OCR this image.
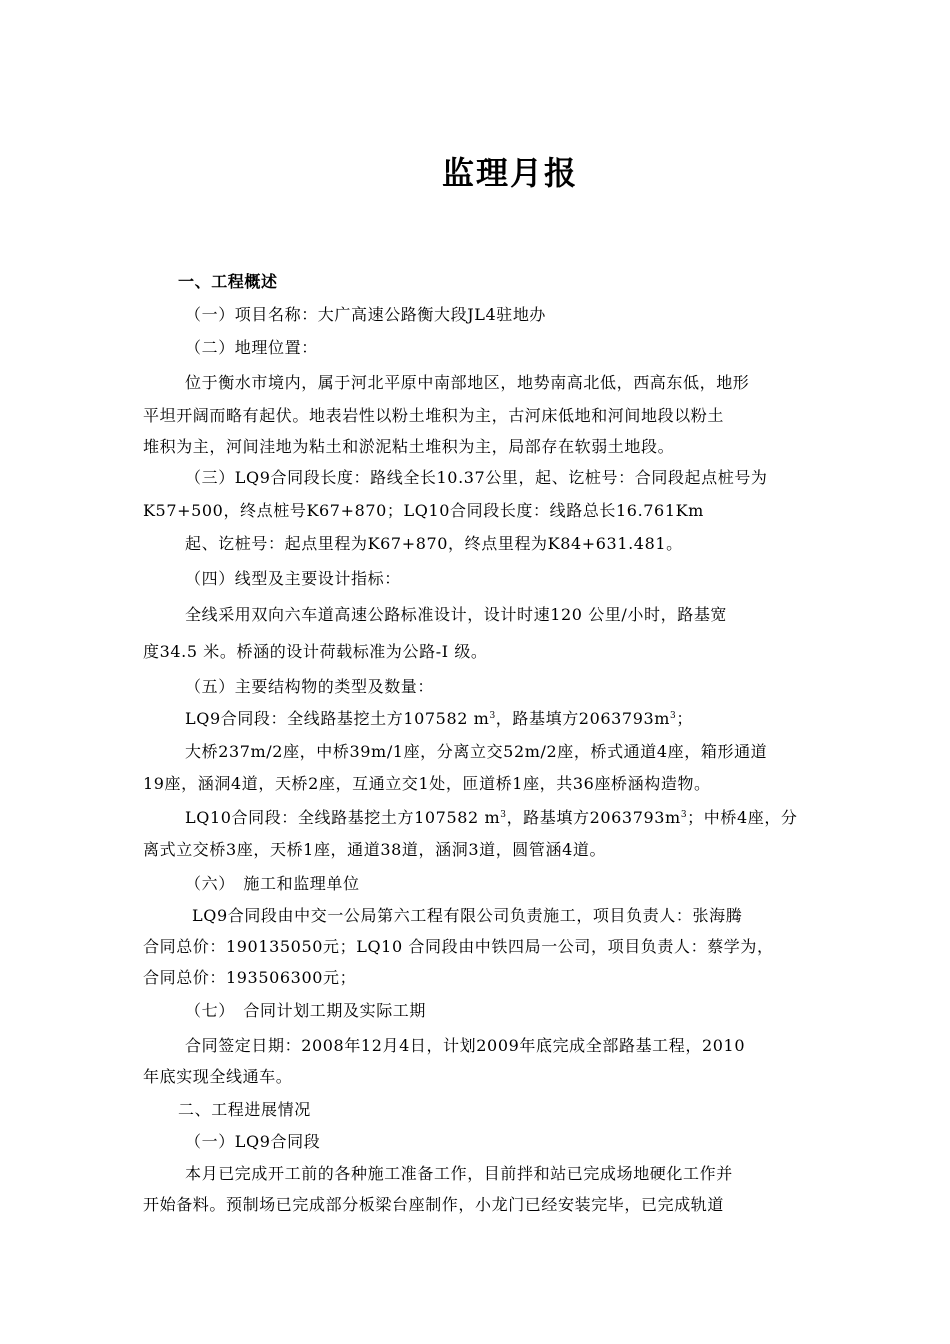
监理月报
一、工程概述
（一）项目名称：大广高速公路衡大段JL4驻地办
（二）地理位置：
位于衡水市境内，属于河北平原中南部地区，地势南高北低，西高东低，地形
平坦开阔而略有起伏。地表岩性以粉土堆积为主，古河床低地和河间地段以粉土
堆积为主，河间洼地为粘土和淤泥粘土堆积为主，局部存在软弱土地段。
（三）LQ9合同段长度：路线全长10.37公里，起、讫桩号：合同段起点桩号为
K57+500，终点桩号K67+870；LQ10合同段长度：线路总长16.761Km
起、讫桩号：起点里程为K67+870，终点里程为K84+631.481。
（四）线型及主要设计指标：
全线采用双向六车道高速公路标准设计，设计时速120 公里/小时，路基宽
度34.5 米。桥涵的设计荷载标准为公路-I 级。
（五）主要结构物的类型及数量：
LQ9合同段：全线路基挖土方107582 $m^3$，路基填方$2063793m^3$；
大桥237m/2座，中桥39m/1座，分离立交52m/2座，桥式通道4座，箱形通道
19座，涵洞4道，天桥2座，互通立交1处，匝道桥1座，共36座桥涵构造物。
LQ10合同段：全线路基挖土方107582 $m^3$，路基填方$2063793m^3$；中桥4座，分
离式立交桥3座，天桥1座，通道38道，涵洞3道，圆管涵4道。
（六）　施工和监理单位
LQ9合同段由中交一公局第六工程有限公司负责施工，项目负责人：张海腾
合同总价：190135050元；LQ10 合同段由中铁四局一公司，项目负责人：蔡学为，
合同总价：193506300元；
（七）　合同计划工期及实际工期
合同签定日期：2008年12月4日，计划2009年底完成全部路基工程，2010
年底实现全线通车。
二、工程进展情况
（一）LQ9合同段
本月已完成开工前的各种施工准备工作，目前拌和站已完成场地硬化工作并
开始备料。预制场已完成部分板梁台座制作，小龙门已经安装完毕，已完成轨道
